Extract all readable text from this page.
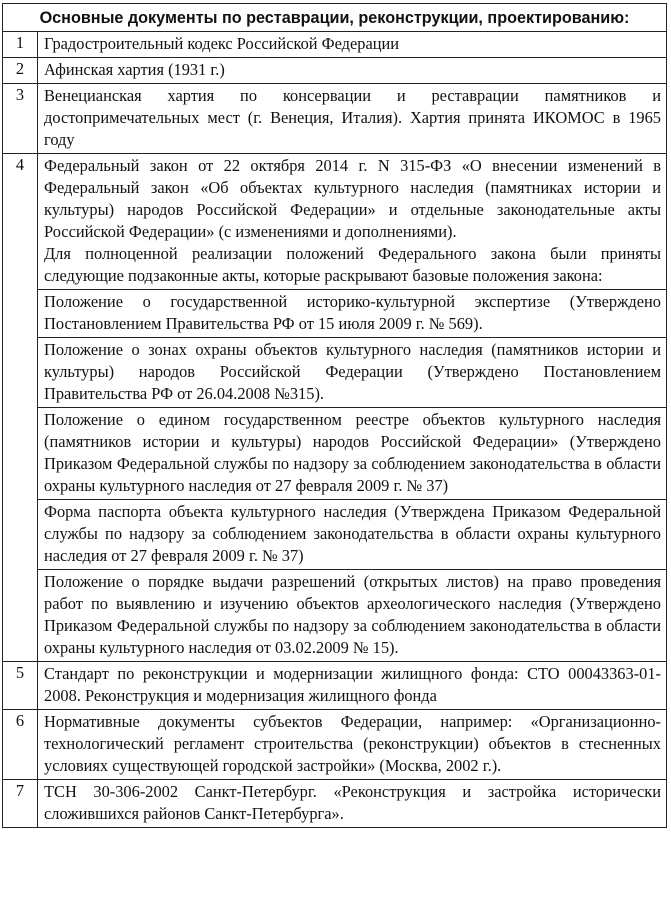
Основные документы по реставрации, реконструкции, проектированию:	
1	Градостроительный кодекс Российской Федерации
2	Афинская хартия (1931 г.)
3	Венецианская хартия по консервации и реставрации памятников и достопримечательных мест (г. Венеция, Италия). Хартия принята ИКОМОС в 1965 году
4	Федеральный закон от 22 октября 2014 г. N 315-ФЗ «О внесении изменений в Федеральный закон «Об объектах культурного наследия (памятниках истории и культуры) народов Российской Федерации» и отдельные законодательные акты Российской Федерации» (с изменениями и дополнениями).
Для полноценной реализации положений Федерального закона были приняты следующие подзаконные акты, которые раскрывают базовые положения закона:
	Положение о государственной историко-культурной экспертизе (Утверждено Постановлением Правительства РФ от 15 июля 2009 г. № 569).
	Положение о зонах охраны объектов культурного наследия (памятников истории и культуры) народов Российской Федерации (Утверждено Постановлением Правительства РФ от 26.04.2008 №315).
	Положение о едином государственном реестре объектов культурного наследия (памятников истории и культуры) народов Российской Федерации» (Утверждено Приказом Федеральной службы по надзору за соблюдением законодательства в области охраны культурного наследия от 27 февраля 2009 г. № 37)
	Форма паспорта объекта культурного наследия (Утверждена Приказом Федеральной службы по надзору за соблюдением законодательства в области охраны культурного наследия от 27 февраля 2009 г. № 37)
	Положение о порядке выдачи разрешений (открытых листов) на право проведения работ по выявлению и изучению объектов археологического наследия (Утверждено Приказом Федеральной службы по надзору за соблюдением законодательства в области охраны культурного наследия от 03.02.2009 № 15).
5	Стандарт по реконструкции и модернизации жилищного фонда: СТО 00043363-01-2008. Реконструкция и модернизация жилищного фонда
6	Нормативные документы субъектов Федерации, например: «Организационно-технологический регламент строительства (реконструкции) объектов в стесненных условиях существующей городской застройки» (Москва, 2002 г.).
7	ТСН 30-306-2002 Санкт-Петербург. «Реконструкция и застройка исторически сложившихся районов Санкт-Петербурга».
